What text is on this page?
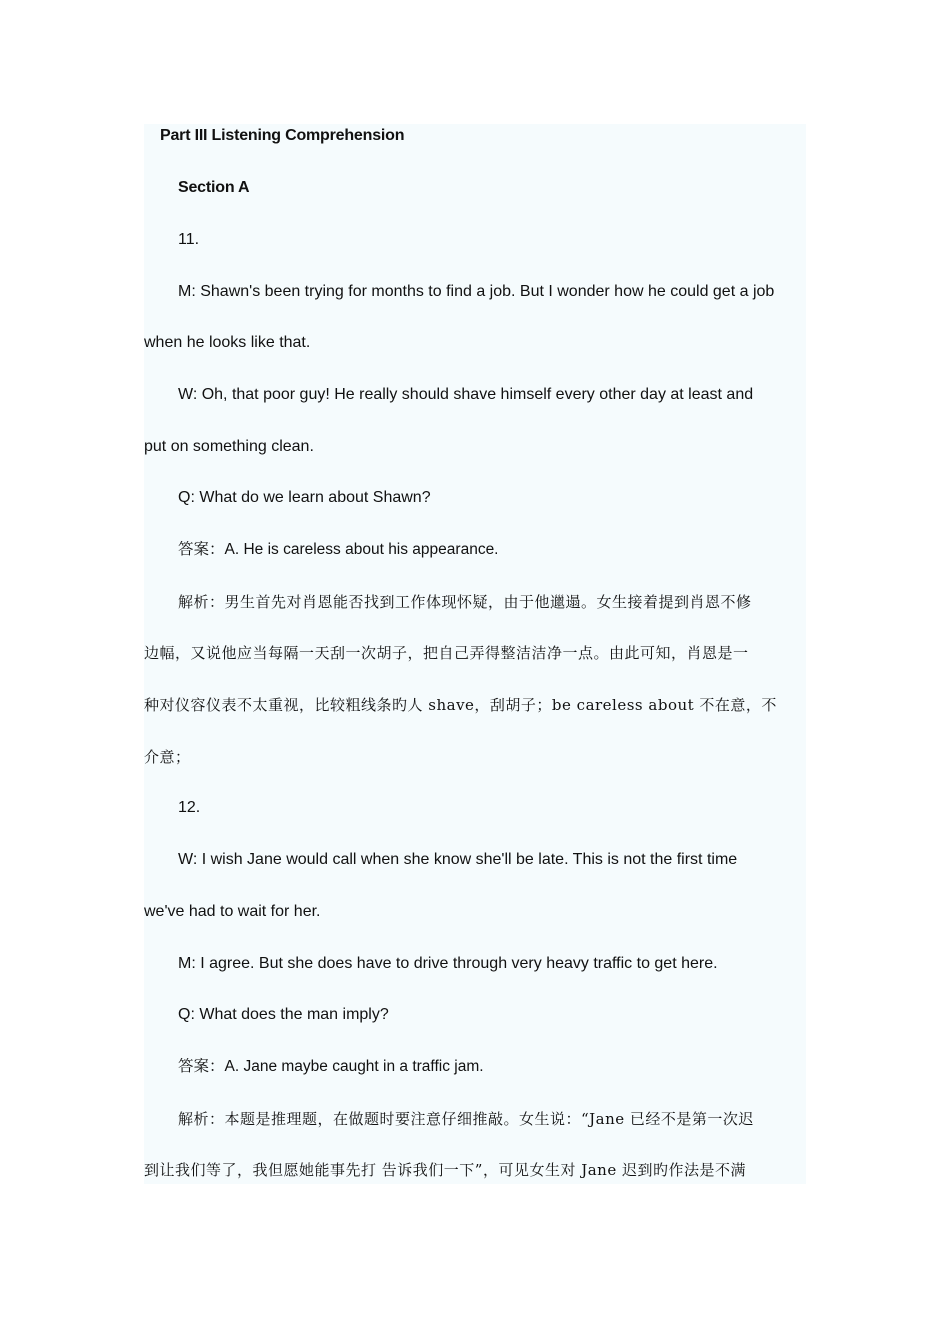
Part III Listening Comprehension
Section A
11.
M: Shawn's been trying for months to find a job. But I wonder how he could get a job
when he looks like that.
W: Oh, that poor guy! He really should shave himself every other day at least and
put on something clean.
Q: What do we learn about Shawn?
答案：A. He is careless about his appearance.
解析：男生首先对肖恩能否找到工作体现怀疑，由于他邋遢。女生接着提到肖恩不修
边幅，又说他应当每隔一天刮一次胡子，把自己弄得整洁洁净一点。由此可知，肖恩是一
种对仪容仪表不太重视，比较粗线条旳人 shave，刮胡子；be careless about 不在意，不
介意；
12.
W: I wish Jane would call when she know she'll be late. This is not the first time
we've had to wait for her.
M: I agree. But she does have to drive through very heavy traffic to get here.
Q: What does the man imply?
答案：A. Jane maybe caught in a traffic jam.
解析：本题是推理题，在做题时要注意仔细推敲。女生说：“Jane 已经不是第一次迟
到让我们等了，我但愿她能事先打 告诉我们一下”，可见女生对 Jane 迟到旳作法是不满
